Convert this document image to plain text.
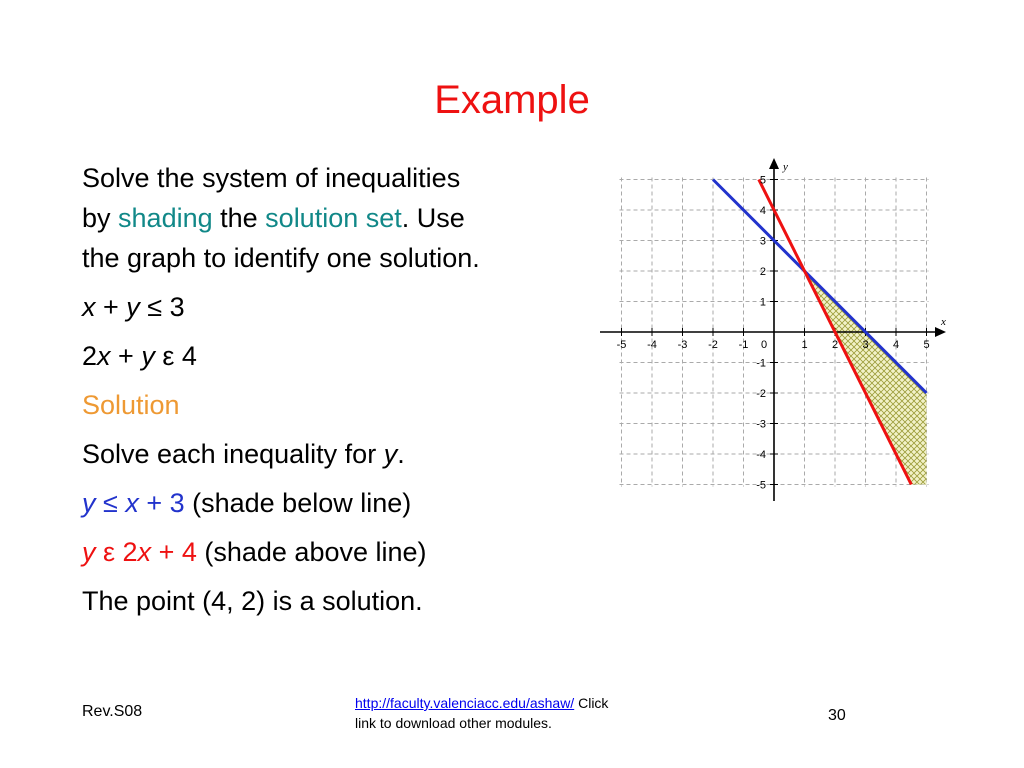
Example
Solve the system of inequalities
by shading the solution set. Use
the graph to identify one solution.
x + y ≤ 3
2x + y ε 4
Solution
Solve each inequality for y.
y ≤ x + 3 (shade below line)
y ε 2x + 4 (shade above line)
The point (4, 2) is a solution.
-5 -4 -3 -2 -1 0	1 2 3 4 5
-5
-4
-3
-2
-1
1
2
3
4
5
x
y
Rev.S08	http://faculty.valenciacc.edu/ashaw/ Click
link to download other modules.	30
